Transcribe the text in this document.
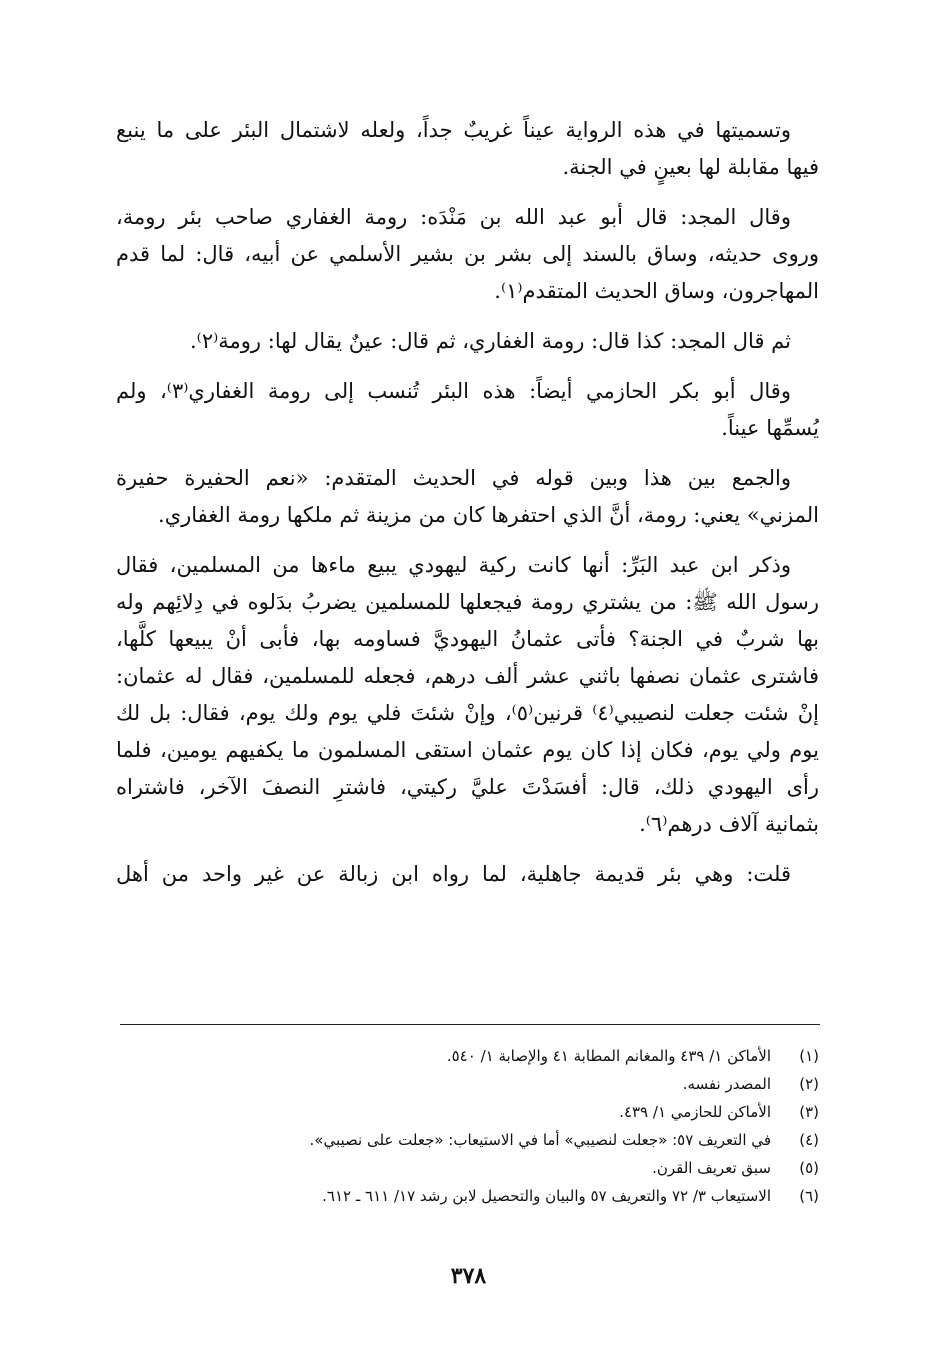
وتسميتها في هذه الرواية عيناً غريبٌ جداً، ولعله لاشتمال البئر على ما ينبع
فيها مقابلة لها بعينٍ في الجنة.
وقال المجد: قال أبو عبد الله بن مَنْدَه: رومة الغفاري صاحب بئر رومة،
وروى حديثه، وساق بالسند إلى بشر بن بشير الأسلمي عن أبيه، قال: لما قدم
المهاجرون، وساق الحديث المتقدم⁽١⁾.
ثم قال المجد: كذا قال: رومة الغفاري، ثم قال: عينٌ يقال لها: رومة⁽٢⁾.
وقال أبو بكر الحازمي أيضاً: هذه البئر تُنسب إلى رومة الغفاري⁽٣⁾، ولم
يُسمِّها عيناً.
والجمع بين هذا وبين قوله في الحديث المتقدم: «نعم الحفيرة حفيرة
المزني» يعني: رومة، أنَّ الذي احتفرها كان من مزينة ثم ملكها رومة الغفاري.
وذكر ابن عبد البَرِّ: أنها كانت ركية ليهودي يبيع ماءها من المسلمين، فقال
رسول الله ﷺ: من يشتري رومة فيجعلها للمسلمين يضربُ بدَلوه في دِلائِهم وله
بها شربٌ في الجنة؟ فأتى عثمانُ اليهوديَّ فساومه بها، فأبى أنْ يبيعها كلَّها،
فاشترى عثمان نصفها باثني عشر ألف درهم، فجعله للمسلمين، فقال له عثمان:
إنْ شئت جعلت لنصيبي⁽٤⁾ قرنين⁽٥⁾، وإنْ شئتَ فلي يوم ولك يوم، فقال: بل لك
يوم ولي يوم، فكان إذا كان يوم عثمان استقى المسلمون ما يكفيهم يومين، فلما
رأى اليهودي ذلك، قال: أفسَدْتَ عليَّ ركيتي، فاشترِ النصفَ الآخر، فاشتراه
بثمانية آلاف درهم⁽٦⁾.
قلت: وهي بئر قديمة جاهلية، لما رواه ابن زبالة عن غير واحد من أهل
(١)
الأماكن ١/ ٤٣٩ والمغانم المطابة ٤١ والإصابة ١/ ٥٤٠.
(٢)
المصدر نفسه.
(٣)
الأماكن للحازمي ١/ ٤٣٩.
(٤)
في التعريف ٥٧: «جعلت لنصيبي» أما في الاستيعاب: «جعلت على نصيبي».
(٥)
سبق تعريف القرن.
(٦)
الاستيعاب ٣/ ٧٢ والتعريف ٥٧ والبيان والتحصيل لابن رشد ١٧/ ٦١١ ـ ٦١٢.
٣٧٨
